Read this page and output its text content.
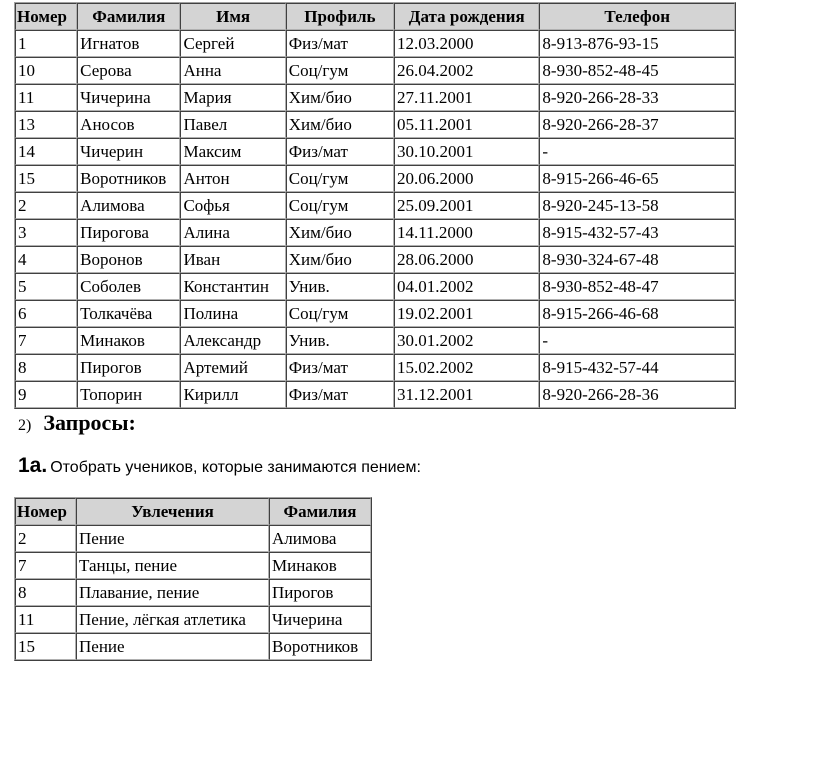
Номер	Фамилия	Имя	Профиль	Дата рождения	Телефон
1	Игнатов	Сергей	Физ/мат	12.03.2000	8-913-876-93-15
10	Серова	Анна	Соц/гум	26.04.2002	8-930-852-48-45
11	Чичерина	Мария	Хим/био	27.11.2001	8-920-266-28-33
13	Аносов	Павел	Хим/био	05.11.2001	8-920-266-28-37
14	Чичерин	Максим	Физ/мат	30.10.2001	-
15	Воротников	Антон	Соц/гум	20.06.2000	8-915-266-46-65
2	Алимова	Софья	Соц/гум	25.09.2001	8-920-245-13-58
3	Пирогова	Алина	Хим/био	14.11.2000	8-915-432-57-43
4	Воронов	Иван	Хим/био	28.06.2000	8-930-324-67-48
5	Соболев	Константин	Унив.	04.01.2002	8-930-852-48-47
6	Толкачёва	Полина	Соц/гум	19.02.2001	8-915-266-46-68
7	Минаков	Александр	Унив.	30.01.2002	-
8	Пирогов	Артемий	Физ/мат	15.02.2002	8-915-432-57-44
9	Топорин	Кирилл	Физ/мат	31.12.2001	8-920-266-28-36
2) Запросы:
1а. Отобрать учеников, которые занимаются пением:
Номер	Увлечения	Фамилия
2	Пение	Алимова
7	Танцы, пение	Минаков
8	Плавание, пение	Пирогов
11	Пение, лёгкая атлетика	Чичерина
15	Пение	Воротников
